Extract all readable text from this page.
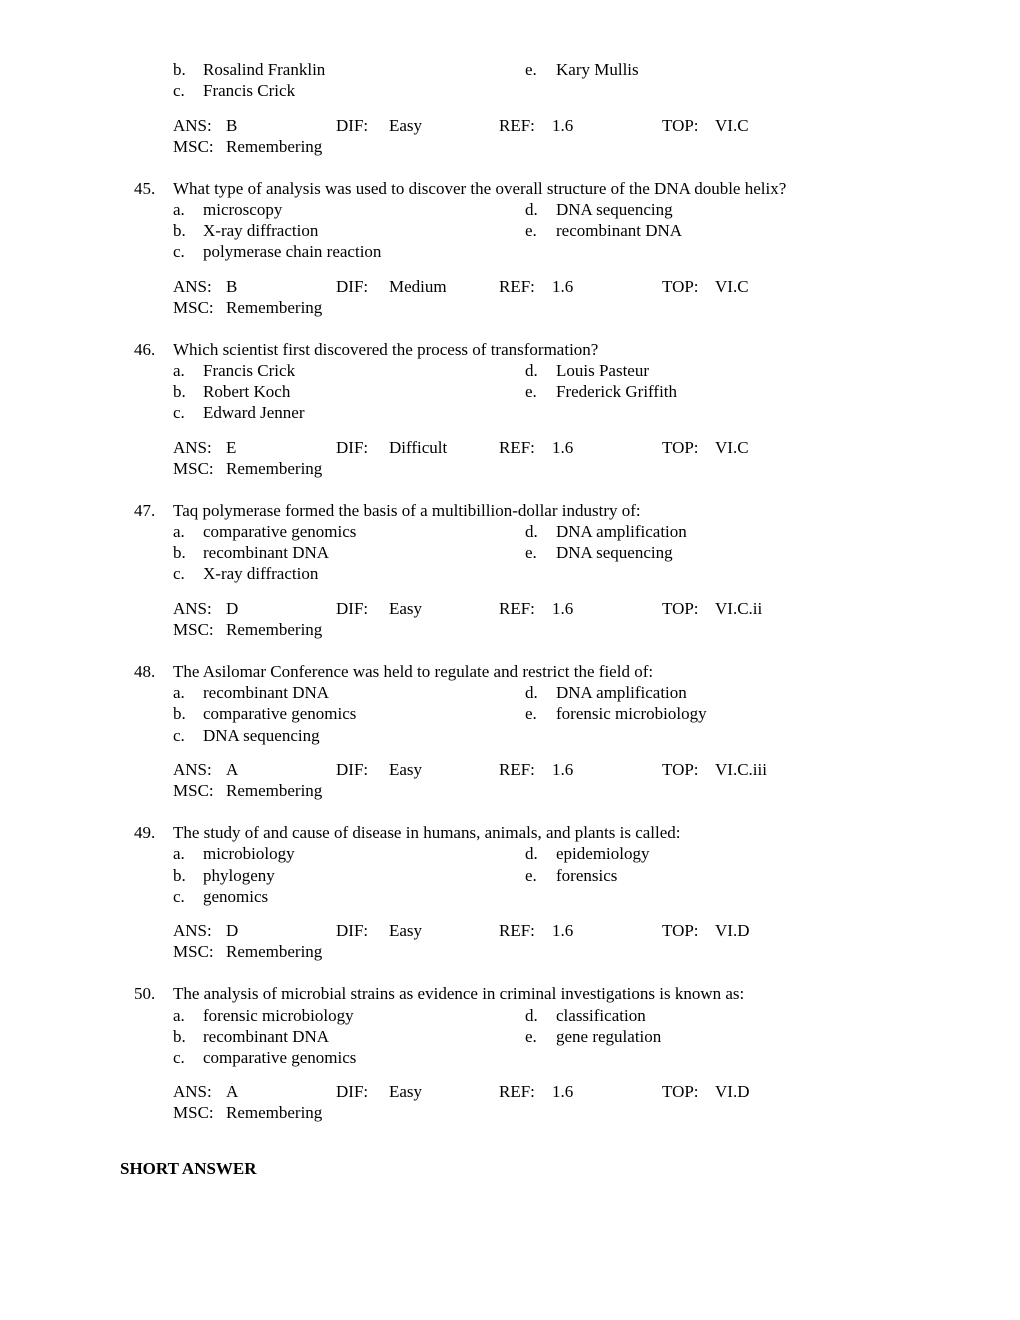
b. Rosalind Franklin	e. Kary Mullis
c. Francis Crick
ANS: B	DIF: Easy	REF: 1.6	TOP: VI.C
MSC: Remembering
45. What type of analysis was used to discover the overall structure of the DNA double helix?
a. microscopy	d. DNA sequencing
b. X-ray diffraction	e. recombinant DNA
c. polymerase chain reaction
ANS: B	DIF: Medium	REF: 1.6	TOP: VI.C
MSC: Remembering
46. Which scientist first discovered the process of transformation?
a. Francis Crick	d. Louis Pasteur
b. Robert Koch	e. Frederick Griffith
c. Edward Jenner
ANS: E	DIF: Difficult	REF: 1.6	TOP: VI.C
MSC: Remembering
47. Taq polymerase formed the basis of a multibillion-dollar industry of:
a. comparative genomics	d. DNA amplification
b. recombinant DNA	e. DNA sequencing
c. X-ray diffraction
ANS: D	DIF: Easy	REF: 1.6	TOP: VI.C.ii
MSC: Remembering
48. The Asilomar Conference was held to regulate and restrict the field of:
a. recombinant DNA	d. DNA amplification
b. comparative genomics	e. forensic microbiology
c. DNA sequencing
ANS: A	DIF: Easy	REF: 1.6	TOP: VI.C.iii
MSC: Remembering
49. The study of and cause of disease in humans, animals, and plants is called:
a. microbiology	d. epidemiology
b. phylogeny	e. forensics
c. genomics
ANS: D	DIF: Easy	REF: 1.6	TOP: VI.D
MSC: Remembering
50. The analysis of microbial strains as evidence in criminal investigations is known as:
a. forensic microbiology	d. classification
b. recombinant DNA	e. gene regulation
c. comparative genomics
ANS: A	DIF: Easy	REF: 1.6	TOP: VI.D
MSC: Remembering
SHORT ANSWER
